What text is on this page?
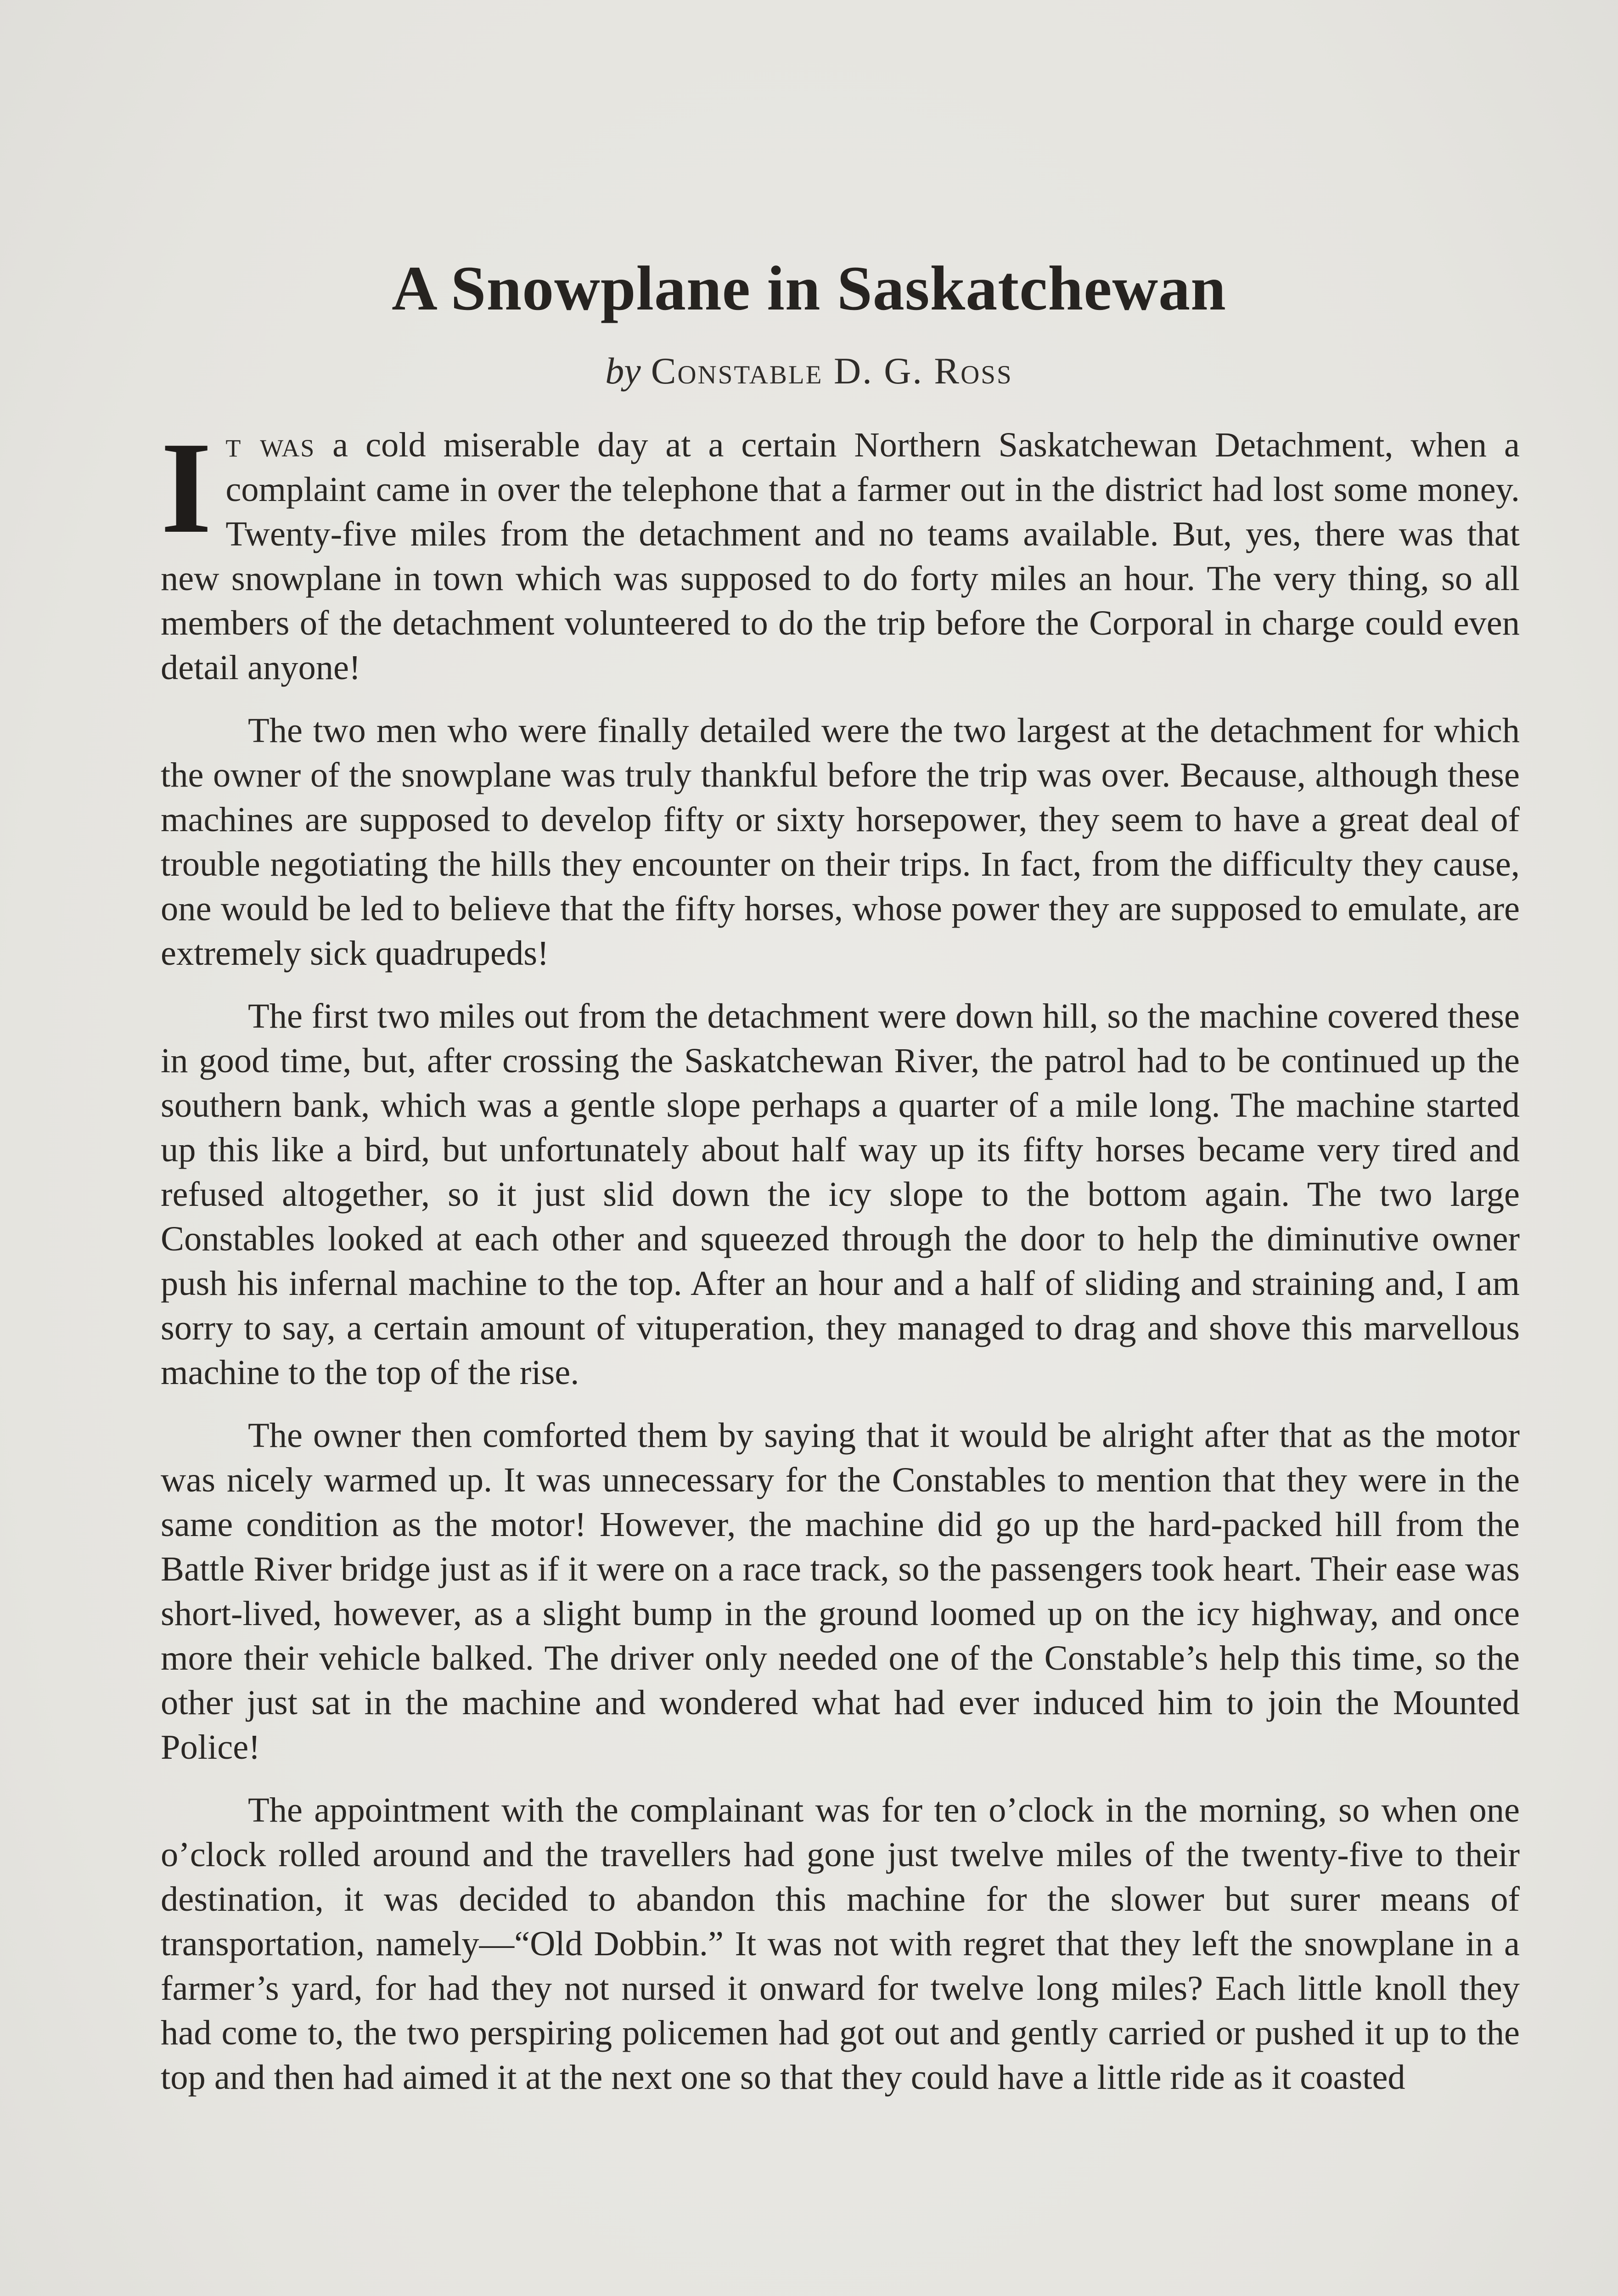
A Snowplane in Saskatchewan

by Constable D. G. Ross

It was a cold miserable day at a certain Northern Saskatchewan Detachment, when a complaint came in over the telephone that a farmer out in the district had lost some money. Twenty-five miles from the detachment and no teams available. But, yes, there was that new snowplane in town which was supposed to do forty miles an hour. The very thing, so all members of the detachment volunteered to do the trip before the Corporal in charge could even detail anyone!

The two men who were finally detailed were the two largest at the detachment for which the owner of the snowplane was truly thankful before the trip was over. Because, although these machines are supposed to develop fifty or sixty horsepower, they seem to have a great deal of trouble negotiating the hills they encounter on their trips. In fact, from the difficulty they cause, one would be led to believe that the fifty horses, whose power they are supposed to emulate, are extremely sick quadrupeds!

The first two miles out from the detachment were down hill, so the machine covered these in good time, but, after crossing the Saskatchewan River, the patrol had to be continued up the southern bank, which was a gentle slope perhaps a quarter of a mile long. The machine started up this like a bird, but unfortunately about half way up its fifty horses became very tired and refused altogether, so it just slid down the icy slope to the bottom again. The two large Constables looked at each other and squeezed through the door to help the diminutive owner push his infernal machine to the top. After an hour and a half of sliding and straining and, I am sorry to say, a certain amount of vituperation, they managed to drag and shove this marvellous machine to the top of the rise.

The owner then comforted them by saying that it would be alright after that as the motor was nicely warmed up. It was unnecessary for the Constables to mention that they were in the same condition as the motor! However, the machine did go up the hard-packed hill from the Battle River bridge just as if it were on a race track, so the passengers took heart. Their ease was short-lived, however, as a slight bump in the ground loomed up on the icy highway, and once more their vehicle balked. The driver only needed one of the Constable’s help this time, so the other just sat in the machine and wondered what had ever induced him to join the Mounted Police!

The appointment with the complainant was for ten o’clock in the morning, so when one o’clock rolled around and the travellers had gone just twelve miles of the twenty-five to their destination, it was decided to abandon this machine for the slower but surer means of transportation, namely—“Old Dobbin.” It was not with regret that they left the snowplane in a farmer’s yard, for had they not nursed it onward for twelve long miles? Each little knoll they had come to, the two perspiring policemen had got out and gently carried or pushed it up to the top and then had aimed it at the next one so that they could have a little ride as it coasted
